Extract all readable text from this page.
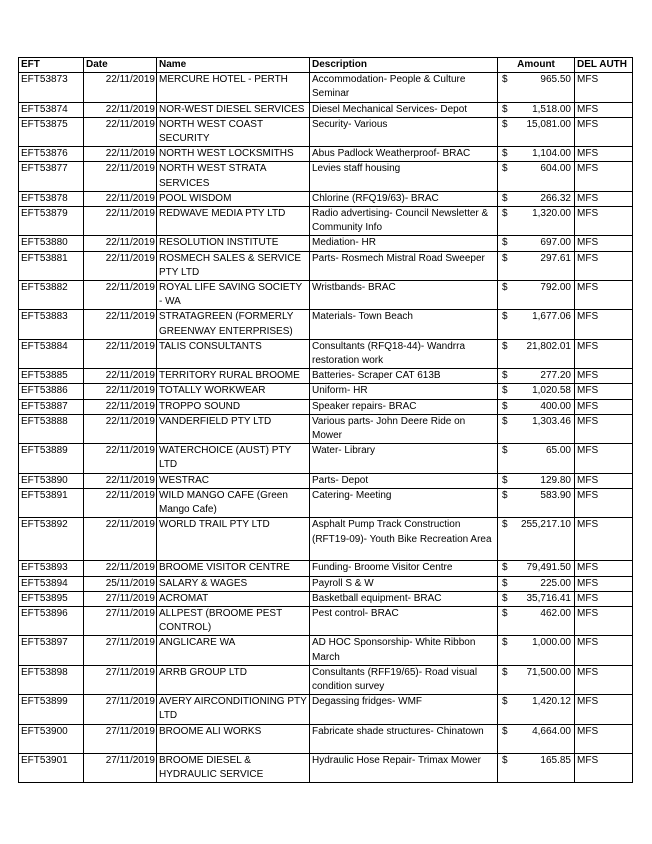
EFT	Date	Name	Description	Amount	DEL AUTH
EFT53873	22/11/2019	MERCURE HOTEL - PERTH	Accommodation- People & Culture Seminar	$ 965.50	MFS
EFT53874	22/11/2019	NOR-WEST DIESEL SERVICES	Diesel Mechanical Services- Depot	$ 1,518.00	MFS
EFT53875	22/11/2019	NORTH WEST COAST SECURITY	Security- Various	$ 15,081.00	MFS
EFT53876	22/11/2019	NORTH WEST LOCKSMITHS	Abus Padlock Weatherproof- BRAC	$ 1,104.00	MFS
EFT53877	22/11/2019	NORTH WEST STRATA SERVICES	Levies staff housing	$ 604.00	MFS
EFT53878	22/11/2019	POOL WISDOM	Chlorine (RFQ19/63)- BRAC	$ 266.32	MFS
EFT53879	22/11/2019	REDWAVE MEDIA PTY LTD	Radio advertising- Council Newsletter & Community Info	$ 1,320.00	MFS
EFT53880	22/11/2019	RESOLUTION INSTITUTE	Mediation- HR	$ 697.00	MFS
EFT53881	22/11/2019	ROSMECH SALES & SERVICE PTY LTD	Parts- Rosmech Mistral Road Sweeper	$ 297.61	MFS
EFT53882	22/11/2019	ROYAL LIFE SAVING SOCIETY - WA	Wristbands- BRAC	$ 792.00	MFS
EFT53883	22/11/2019	STRATAGREEN (FORMERLY GREENWAY ENTERPRISES)	Materials- Town Beach	$ 1,677.06	MFS
EFT53884	22/11/2019	TALIS CONSULTANTS	Consultants (RFQ18-44)- Wandrra restoration work	$ 21,802.01	MFS
EFT53885	22/11/2019	TERRITORY RURAL BROOME	Batteries- Scraper CAT 613B	$ 277.20	MFS
EFT53886	22/11/2019	TOTALLY WORKWEAR	Uniform- HR	$ 1,020.58	MFS
EFT53887	22/11/2019	TROPPO SOUND	Speaker repairs- BRAC	$ 400.00	MFS
EFT53888	22/11/2019	VANDERFIELD PTY LTD	Various parts- John Deere Ride on Mower	$ 1,303.46	MFS
EFT53889	22/11/2019	WATERCHOICE (AUST) PTY LTD	Water- Library	$ 65.00	MFS
EFT53890	22/11/2019	WESTRAC	Parts- Depot	$ 129.80	MFS
EFT53891	22/11/2019	WILD MANGO CAFE (Green Mango Cafe)	Catering- Meeting	$ 583.90	MFS
EFT53892	22/11/2019	WORLD TRAIL PTY LTD	Asphalt Pump Track Construction (RFT19-09)- Youth Bike Recreation Area	$ 255,217.10	MFS
EFT53893	22/11/2019	BROOME VISITOR CENTRE	Funding- Broome Visitor Centre	$ 79,491.50	MFS
EFT53894	25/11/2019	SALARY & WAGES	Payroll S & W	$ 225.00	MFS
EFT53895	27/11/2019	ACROMAT	Basketball equipment- BRAC	$ 35,716.41	MFS
EFT53896	27/11/2019	ALLPEST (BROOME PEST CONTROL)	Pest control- BRAC	$ 462.00	MFS
EFT53897	27/11/2019	ANGLICARE WA	AD HOC Sponsorship- White Ribbon March	$ 1,000.00	MFS
EFT53898	27/11/2019	ARRB GROUP LTD	Consultants (RFF19/65)- Road visual condition survey	$ 71,500.00	MFS
EFT53899	27/11/2019	AVERY AIRCONDITIONING PTY LTD	Degassing fridges- WMF	$ 1,420.12	MFS
EFT53900	27/11/2019	BROOME ALI WORKS	Fabricate shade structures- Chinatown	$ 4,664.00	MFS
EFT53901	27/11/2019	BROOME DIESEL & HYDRAULIC SERVICE	Hydraulic Hose Repair- Trimax Mower	$ 165.85	MFS
